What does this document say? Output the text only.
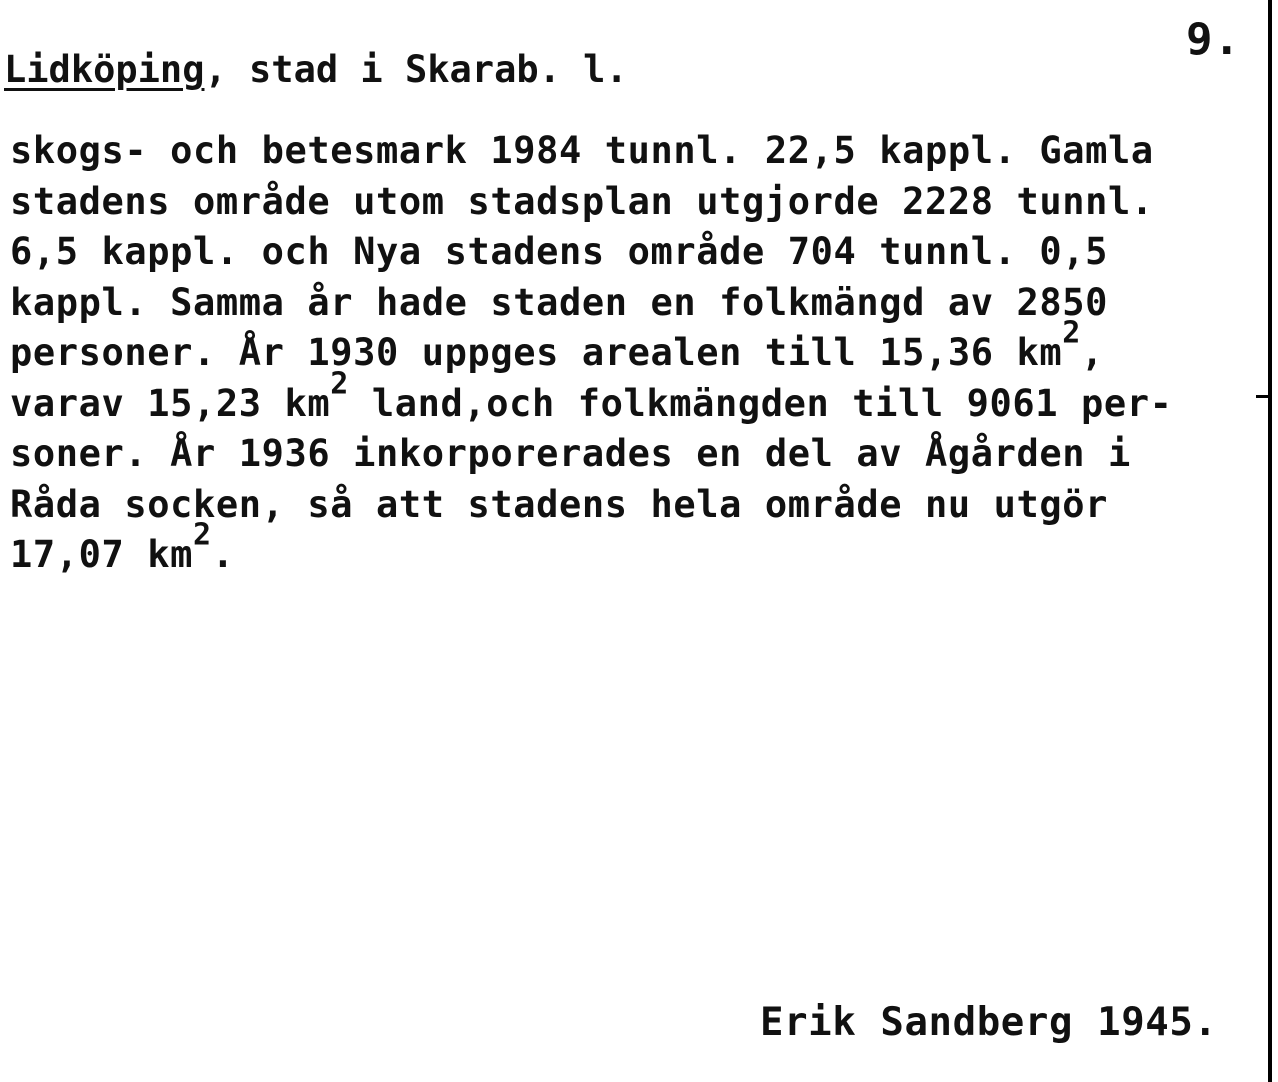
9.
Lidköping, stad i Skarab. l.
skogs- och betesmark 1984 tunnl. 22,5 kappl. Gamla
stadens område utom stadsplan utgjorde 2228 tunnl.
6,5 kappl. och Nya stadens område 704 tunnl. 0,5
kappl. Samma år hade staden en folkmängd av 2850
personer. År 1930 uppges arealen till 15,36 $km^2$,
varav 15,23 $km^2$ land,och folkmängden till 9061 per-
soner. År 1936 inkorporerades en del av Ågården i
Råda socken, så att stadens hela område nu utgör
17,07 $km^2$.
Erik Sandberg 1945.
